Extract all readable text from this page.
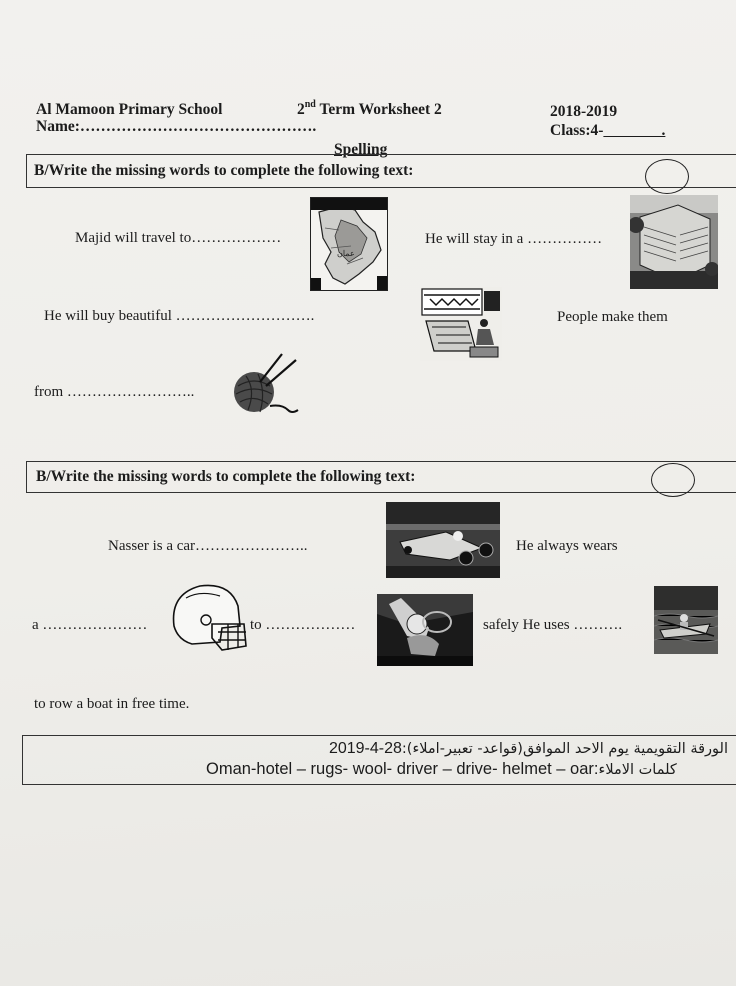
Al Mamoon Primary School	2nd Term Worksheet 2	2018-2019
Name:……………………………………….	Class:4-               .
Spelling
B/Write the missing words to complete the following text:
Majid will travel to………………
عمان
He will stay in a ……………
He will buy beautiful ……………………….	People make them
from ……………………..
B/Write the missing words to complete the following text:
Nasser is a car…………………..	He always wears
a …………………	to ………………	safely He uses ……….
to row a boat in free time.
الورقة التقويمية يوم الاحد الموافق(قواعد- تعبير-املاء):2019-4-28
Oman-hotel – rugs- wool- driver – drive- helmet – oar:كلمات الاملاء
